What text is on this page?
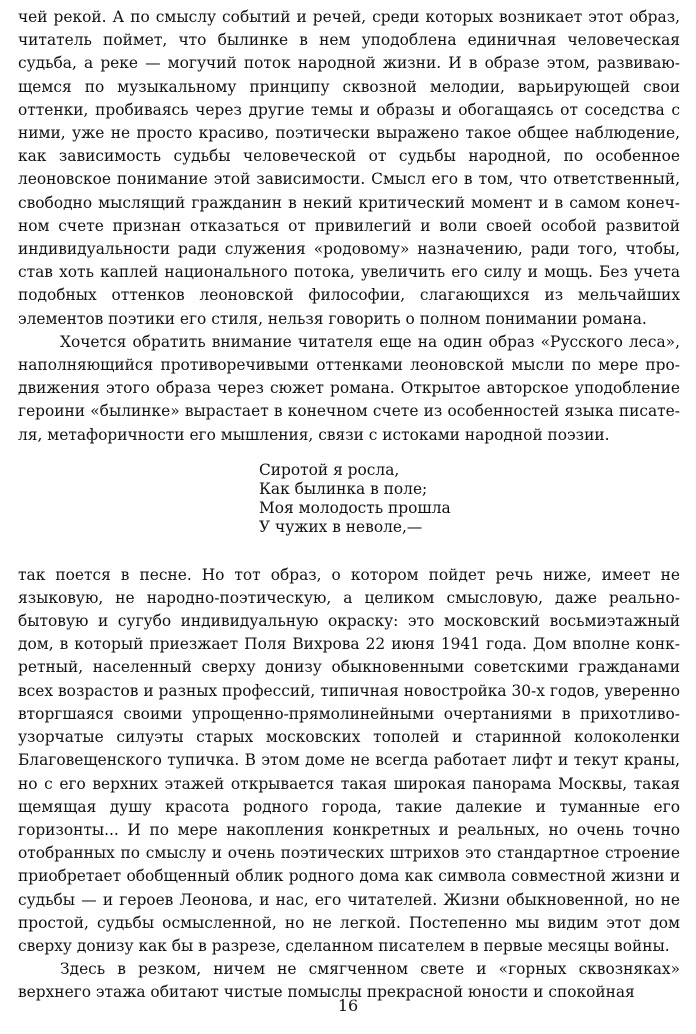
чей рекой. А по смыслу событий и речей, среди которых возникает этот образ, читатель поймет, что былинке в нем уподоблена единичная человеческая судьба, а реке — могучий поток народной жизни. И в образе этом, развивающемся по музыкальному принципу сквозной мелодии, варьирующей свои оттенки, пробиваясь через другие темы и образы и обогащаясь от соседства с ними, уже не просто красиво, поэтически выражено такое общее наблюдение, как зависимость судьбы человеческой от судьбы народной, по особенное леоновское понимание этой зависимости. Смысл его в том, что ответственный, свободно мыслящий гражданин в некий критический момент и в самом конечном счете признан отказаться от привилегий и воли своей особой развитой индивидуальности ради служения «родовому» назначению, ради того, чтобы, став хоть каплей национального потока, увеличить его силу и мощь. Без учета подобных оттенков леоновской философии, слагающихся из мельчайших элементов поэтики его стиля, нельзя говорить о полном понимании романа.

Хочется обратить внимание читателя еще на один образ «Русского леса», наполняющийся противоречивыми оттенками леоновской мысли по мере продвижения этого образа через сюжет романа. Открытое авторское уподобление героини «былинке» вырастает в конечном счете из особенностей языка писателя, метафоричности его мышления, связи с истоками народной поэзии.

Сиротой я росла,
Как былинка в поле;
Моя молодость прошла
У чужих в неволе,—

так поется в песне. Но тот образ, о котором пойдет речь ниже, имеет не языковую, не народно-поэтическую, а целиком смысловую, даже реальнобытовую и сугубо индивидуальную окраску: это московский восьмиэтажный дом, в который приезжает Поля Вихрова 22 июня 1941 года. Дом вполне конкретный, населенный сверху донизу обыкновенными советскими гражданами всех возрастов и разных профессий, типичная новостройка 30-х годов, уверенно вторгшаяся своими упрощенно-прямолинейными очертаниями в прихотливо-узорчатые силуэты старых московских тополей и старинной колоколенки Благовещенского тупичка. В этом доме не всегда работает лифт и текут краны, но с его верхних этажей открывается такая широкая панорама Москвы, такая щемящая душу красота родного города, такие далекие и туманные его горизонты... И по мере накопления конкретных и реальных, но очень точно отобранных по смыслу и очень поэтических штрихов это стандартное строение приобретает обобщенный облик родного дома как символа совместной жизни и судьбы — и героев Леонова, и нас, его читателей. Жизни обыкновенной, но не простой, судьбы осмысленной, но не легкой. Постепенно мы видим этот дом сверху донизу как бы в разрезе, сделанном писателем в первые месяцы войны.

Здесь в резком, ничем не смягченном свете и «горных сквозняках» верхнего этажа обитают чистые помыслы прекрасной юности и спокойная

16
